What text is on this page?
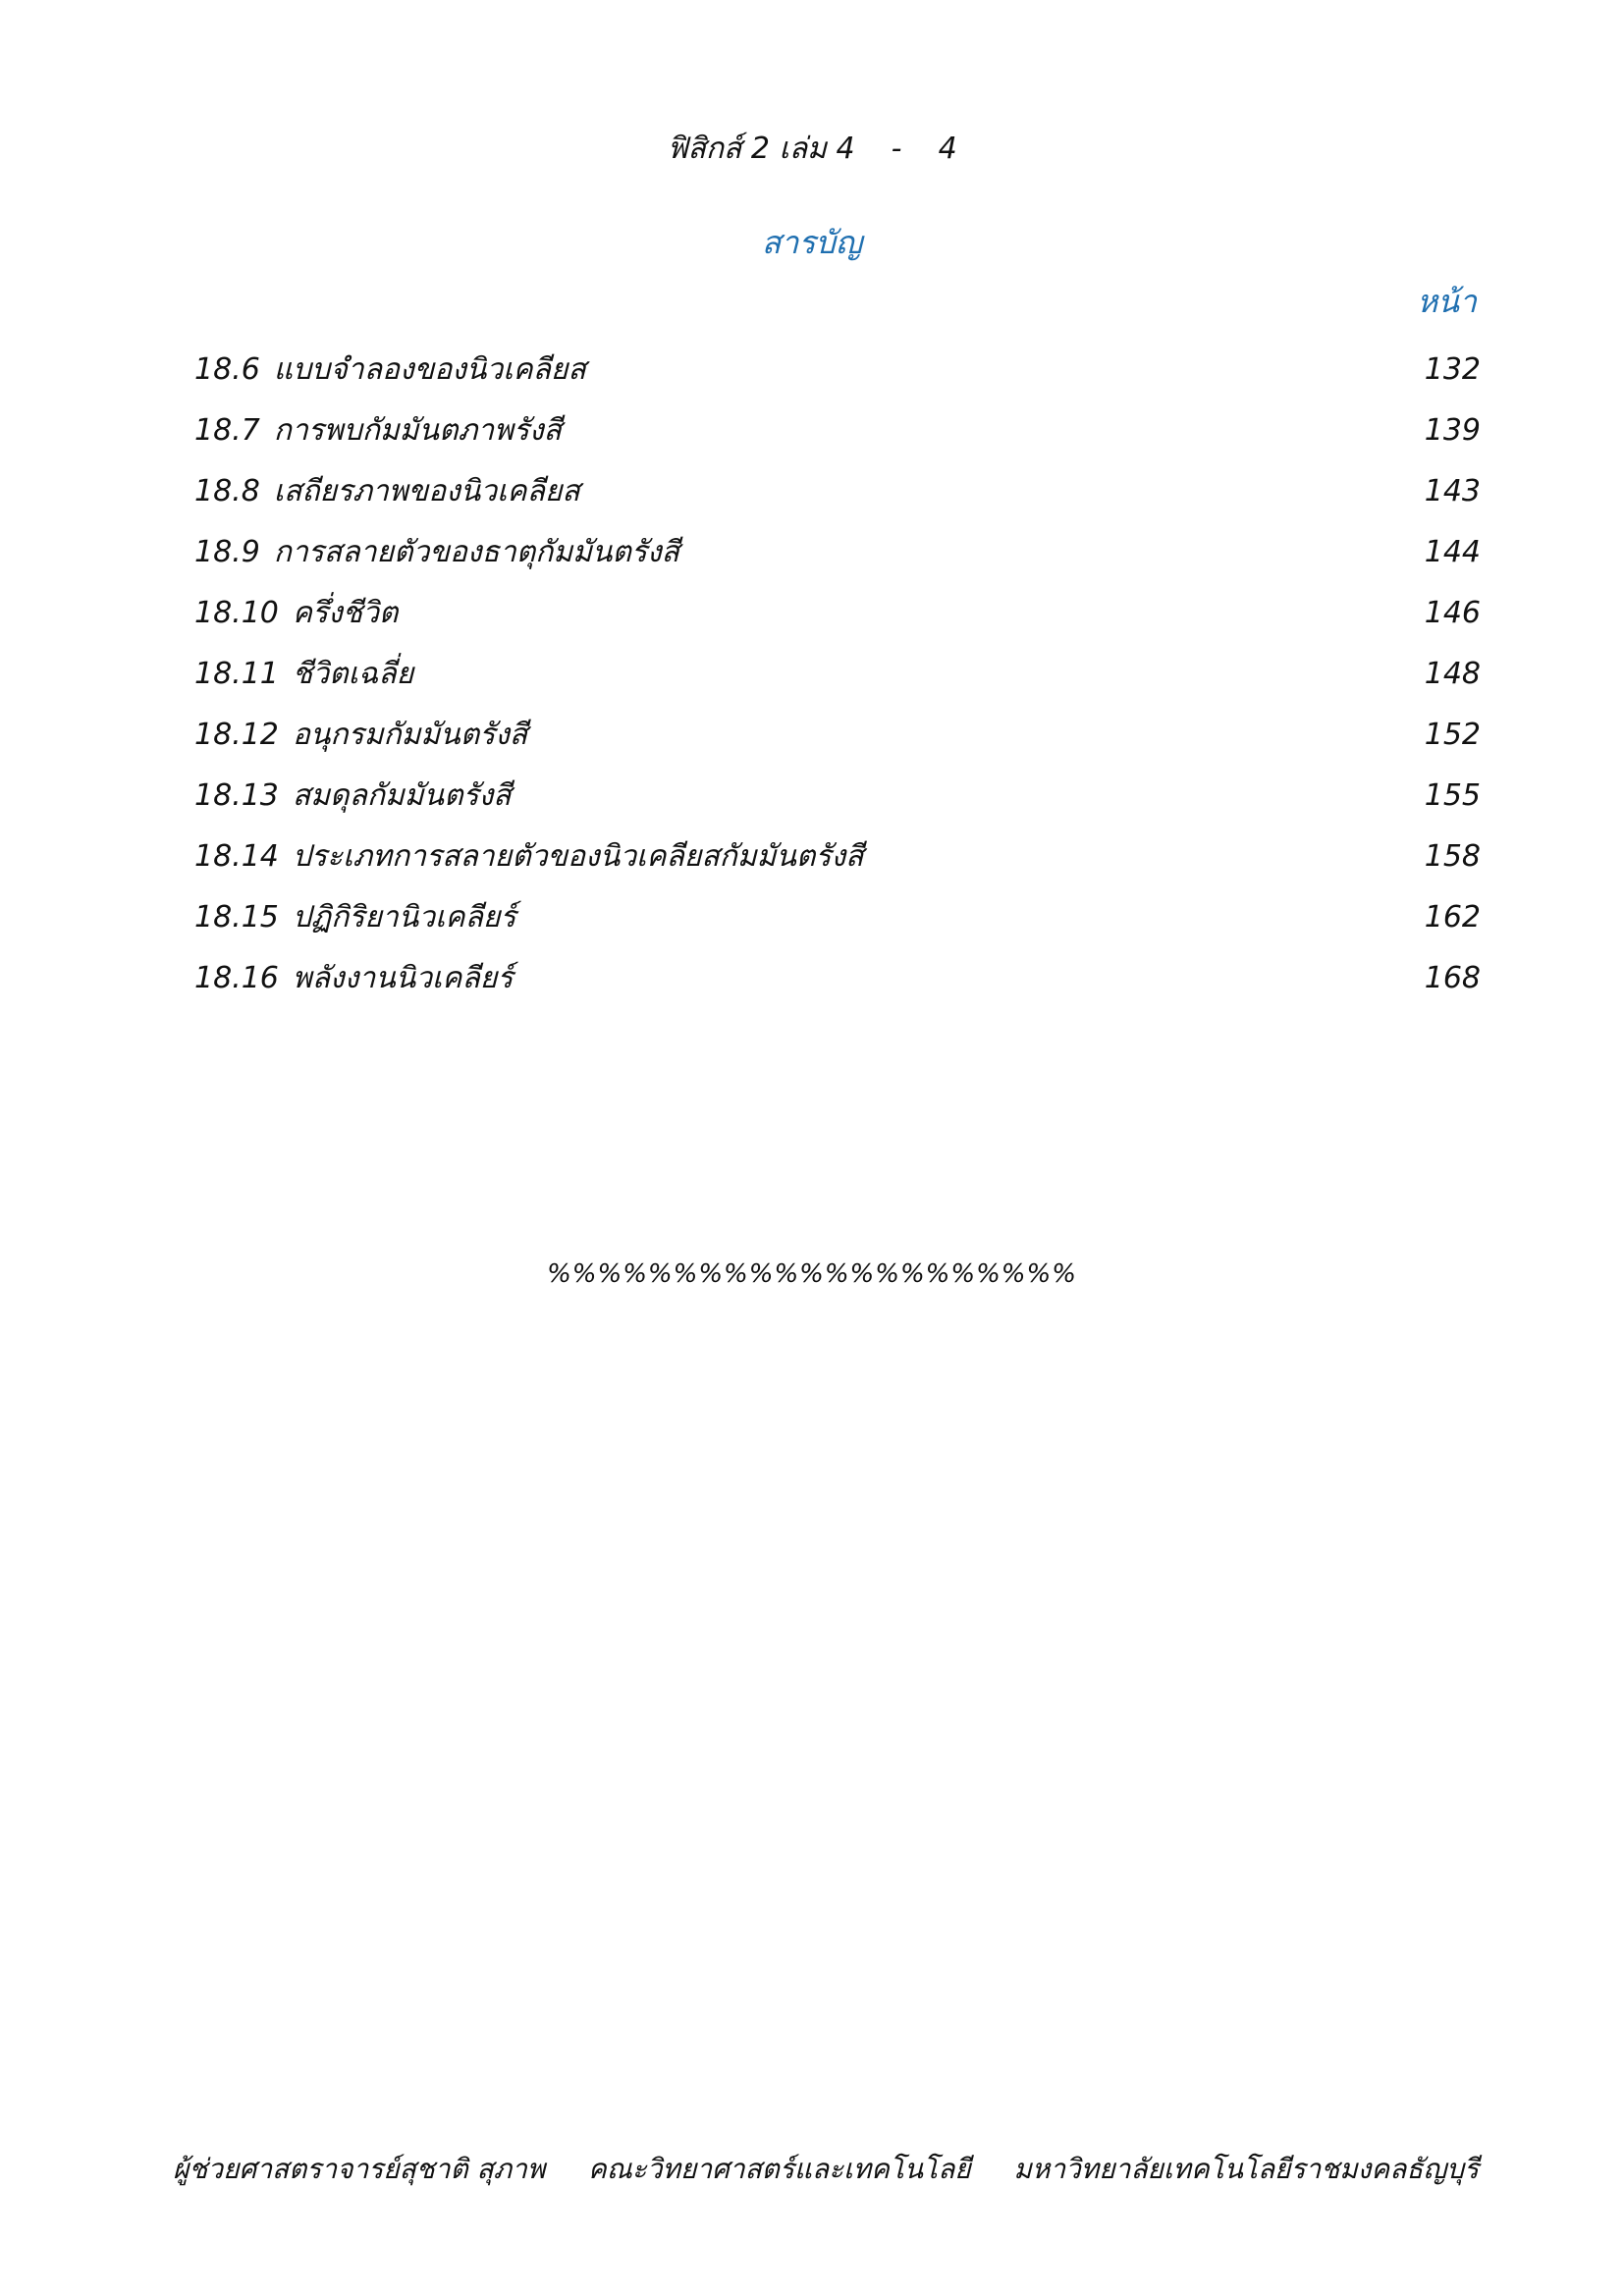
ฟิสิกส์ 2 เล่ม 4 - 4
สารบัญ
หน้า
18.6 แบบจำลองของนิวเคลียส	132
18.7 การพบกัมมันตภาพรังสี	139
18.8 เสถียรภาพของนิวเคลียส	143
18.9 การสลายตัวของธาตุกัมมันตรังสี	144
18.10 ครึ่งชีวิต	146
18.11 ชีวิตเฉลี่ย	148
18.12 อนุกรมกัมมันตรังสี	152
18.13 สมดุลกัมมันตรังสี	155
18.14 ประเภทการสลายตัวของนิวเคลียสกัมมันตรังสี	158
18.15 ปฏิกิริยานิวเคลียร์	162
18.16 พลังงานนิวเคลียร์	168
%%%%%%%%%%%%%%%%%%%%%
ผู้ช่วยศาสตราจารย์สุชาติ สุภาพ คณะวิทยาศาสตร์และเทคโนโลยี มหาวิทยาลัยเทคโนโลยีราชมงคลธัญบุรี
